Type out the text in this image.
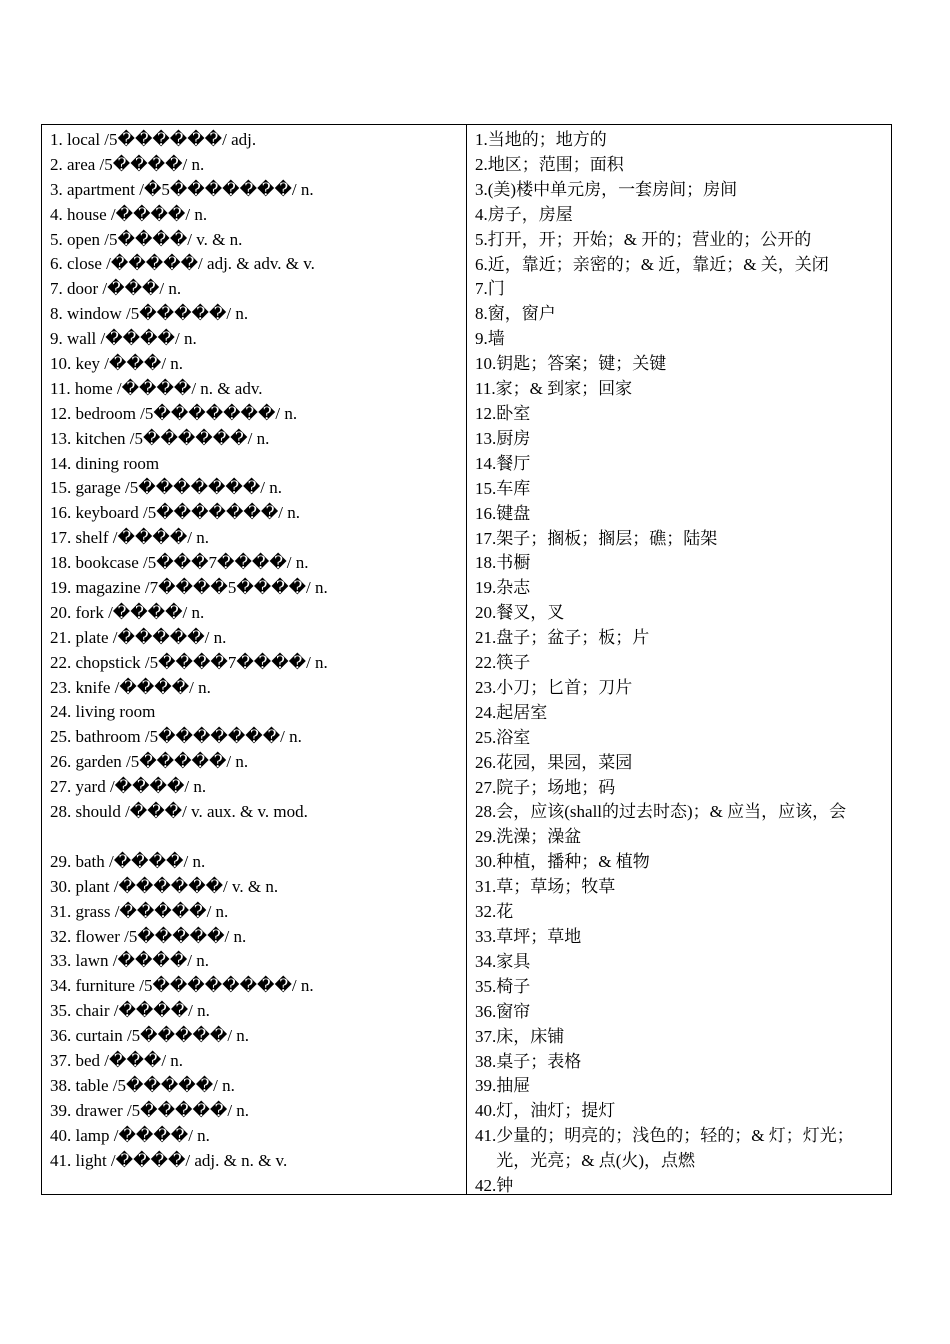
1. local /5������/ adj.
2. area /5����/ n.
3. apartment /�5�������/ n.
4. house /����/ n.
5. open /5����/ v. & n.
6. close /�����/ adj. & adv. & v.
7. door /���/ n.
8. window /5�����/ n.
9. wall /����/ n.
10. key /���/ n.
11. home /����/ n. & adv.
12. bedroom /5�������/ n.
13. kitchen /5������/ n.
14. dining room
15. garage /5�������/ n.
16. keyboard /5�������/ n.
17. shelf /����/ n.
18. bookcase /5���7����/ n.
19. magazine /7����5����/ n.
20. fork /����/ n.
21. plate /�����/ n.
22. chopstick /5����7����/ n.
23. knife /����/ n.
24. living room
25. bathroom /5�������/ n.
26. garden /5�����/ n.
27. yard /����/ n.
28. should /���/ v. aux. & v. mod.
29. bath /����/ n.
30. plant /������/ v. & n.
31. grass /�����/ n.
32. flower /5�����/ n.
33. lawn /����/ n.
34. furniture /5��������/ n.
35. chair /����/ n.
36. curtain /5�����/ n.
37. bed /���/ n.
38. table /5�����/ n.
39. drawer /5�����/ n.
40. lamp /����/ n.
41. light /����/ adj. & n. & v.
1. 当地的；地方的
2. 地区；范围；面积
3. (美)楼中单元房，一套房间；房间
4. 房子，房屋
5. 打开，开；开始；& 开的；营业的；公开的
6. 近，靠近；亲密的；& 近，靠近；& 关，关闭
7. 门
8. 窗，窗户
9. 墙
10. 钥匙；答案；键；关键
11. 家；& 到家；回家
12. 卧室
13. 厨房
14. 餐厅
15. 车库
16. 键盘
17. 架子；搁板；搁层；礁；陆架
18. 书橱
19. 杂志
20. 餐叉，叉
21. 盘子；盆子；板；片
22. 筷子
23. 小刀；匕首；刀片
24. 起居室
25. 浴室
26. 花园，果园，菜园
27. 院子；场地；码
28. 会，应该(shall的过去时态)；& 应当，应该，会
29. 洗澡；澡盆
30. 种植，播种；& 植物
31. 草；草场；牧草
32. 花
33. 草坪；草地
34. 家具
35. 椅子
36. 窗帘
37. 床，床铺
38. 桌子；表格
39. 抽屉
40. 灯，油灯；提灯
41. 少量的；明亮的；浅色的；轻的；& 灯；灯光；光，光亮；& 点(火)，点燃
42. 钟
